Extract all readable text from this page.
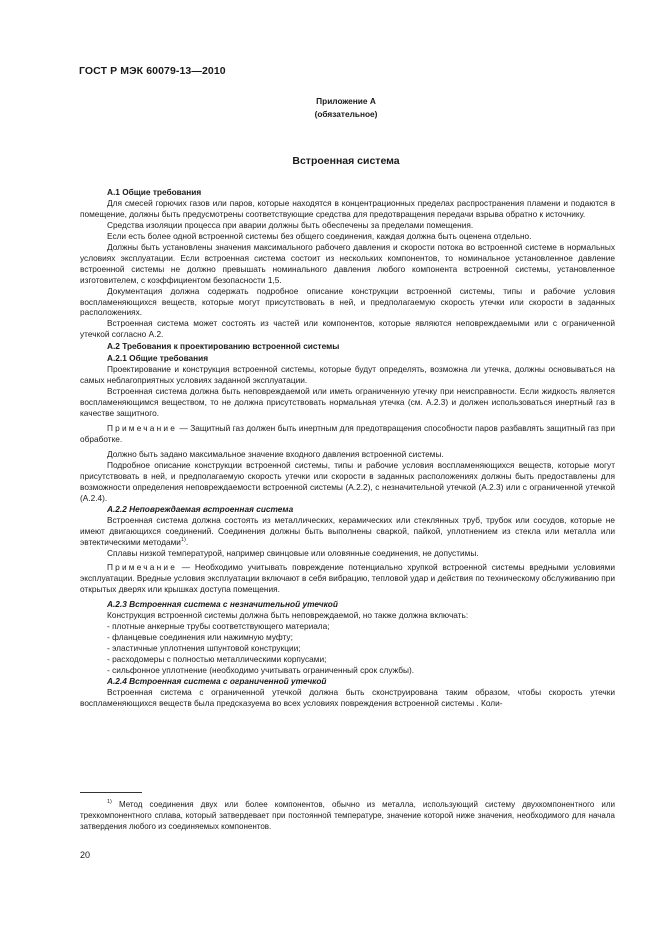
ГОСТ Р МЭК 60079-13—2010
Приложение А
(обязательное)
Встроенная система

А.1 Общие требования

Для смесей горючих газов или паров, которые находятся в концентрационных пределах распространения пламени и подаются в помещение, должны быть предусмотрены соответствующие средства для предотвращения передачи взрыва обратно к источнику.

Средства изоляции процесса при аварии должны быть обеспечены за пределами помещения.

Если есть более одной встроенной системы без общего соединения, каждая должна быть оценена отдельно.

Должны быть установлены значения максимального рабочего давления и скорости потока во встроенной системе в нормальных условиях эксплуатации. Если встроенная система состоит из нескольких компонентов, то номинальное установленное давление встроенной системы не должно превышать номинального давления любого компонента встроенной системы, установленное изготовителем, с коэффициентом безопасности 1,5.

Документация должна содержать подробное описание конструкции встроенной системы, типы и рабочие условия воспламеняющихся веществ, которые могут присутствовать в ней, и предполагаемую скорость утечки или скорости в заданных расположениях.

Встроенная система может состоять из частей или компонентов, которые являются неповреждаемыми или с ограниченной утечкой согласно А.2.

А.2 Требования к проектированию встроенной системы

А.2.1 Общие требования

Проектирование и конструкция встроенной системы, которые будут определять, возможна ли утечка, должны основываться на самых неблагоприятных условиях заданной эксплуатации.

Встроенная система должна быть неповреждаемой или иметь ограниченную утечку при неисправности. Если жидкость является воспламеняющимся веществом, то не должна присутствовать нормальная утечка (см. А.2.3) и должен использоваться инертный газ в качестве защитного.

Примечание — Защитный газ должен быть инертным для предотвращения способности паров разбавлять защитный газ при обработке.

Должно быть задано максимальное значение входного давления встроенной системы.

Подробное описание конструкции встроенной системы, типы и рабочие условия воспламеняющихся веществ, которые могут присутствовать в ней, и предполагаемую скорость утечки или скорости в заданных расположениях должны быть предоставлены для возможности определения неповреждаемости встроенной системы (А.2.2), с незначительной утечкой (А.2.3) или с ограниченной утечкой (А.2.4).

А.2.2 Неповреждаемая встроенная система

Встроенная система должна состоять из металлических, керамических или стеклянных труб, трубок или сосудов, которые не имеют двигающихся соединений. Соединения должны быть выполнены сваркой, пайкой, уплотнением из стекла или металла или эвтектическими методами$^{1)}$.

Сплавы низкой температурой, например свинцовые или оловянные соединения, не допустимы.

Примечание — Необходимо учитывать повреждение потенциально хрупкой встроенной системы вредными условиями эксплуатации. Вредные условия эксплуатации включают в себя вибрацию, тепловой удар и действия по техническому обслуживанию при открытых дверях или крышках доступа помещения.

А.2.3 Встроенная система с незначительной утечкой

Конструкция встроенной системы должна быть неповреждаемой, но также должна включать:

- плотные анкерные трубы соответствующего материала;

- фланцевые соединения или нажимную муфту;

- эластичные уплотнения шпунтовой конструкции;

- расходомеры с полностью металлическими корпусами;

- сильфонное уплотнение (необходимо учитывать ограниченный срок службы).

А.2.4 Встроенная система с ограниченной утечкой

Встроенная система с ограниченной утечкой должна быть сконструирована таким образом, чтобы скорость утечки воспламеняющихся веществ была предсказуема во всех условиях повреждения встроенной системы . Коли-

$^{1)}$ Метод соединения двух или более компонентов, обычно из металла, использующий систему двухкомпонентного или трехкомпонентного сплава, который затвердевает при постоянной температуре, значение которой ниже значения, необходимого для начала затвердения любого из соединяемых компонентов.

20
